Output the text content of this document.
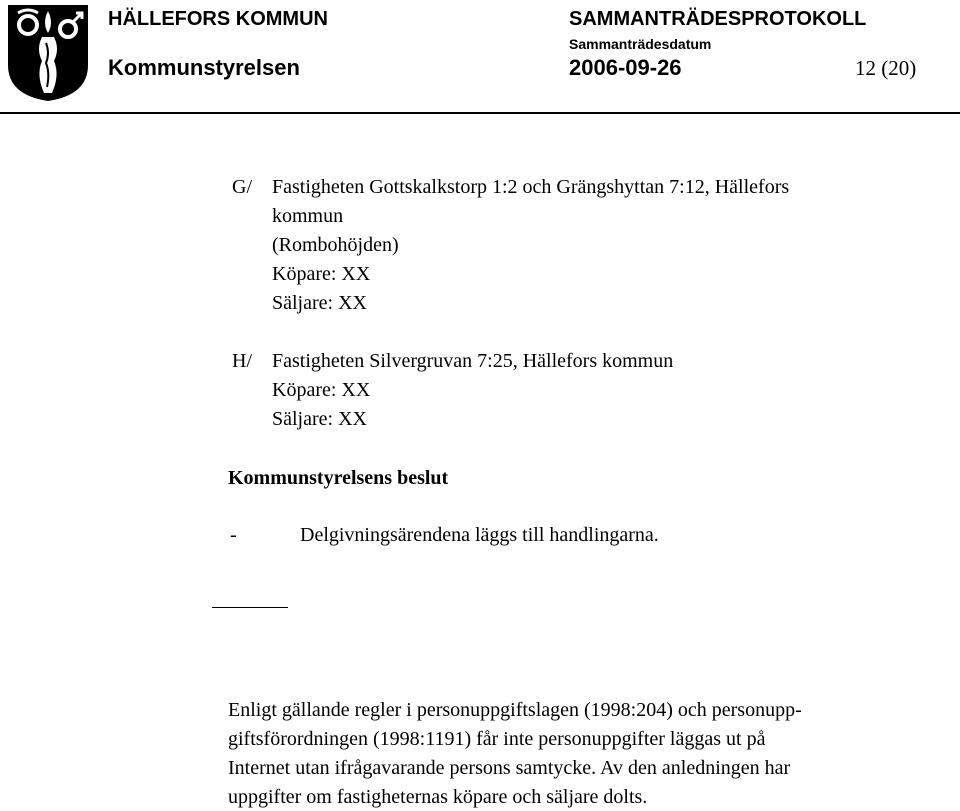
HÄLLEFORS KOMMUN
Kommunstyrelsen
SAMMANTRÄDESPROTOKOLL
Sammanträdesdatum
2006-09-26	12 (20)
G/ Fastigheten Gottskalkstorp 1:2 och Grängshyttan 7:12, Hällefors
kommun
(Rombohöjden)
Köpare: XX
Säljare: XX
H/ Fastigheten Silvergruvan 7:25, Hällefors kommun
Köpare: XX
Säljare: XX
Kommunstyrelsens beslut
-	Delgivningsärendena läggs till handlingarna.
Enligt gällande regler i personuppgiftslagen (1998:204) och personupp-
giftsförordningen (1998:1191) får inte personuppgifter läggas ut på
Internet utan ifrågavarande persons samtycke. Av den anledningen har
uppgifter om fastigheternas köpare och säljare dolts.
